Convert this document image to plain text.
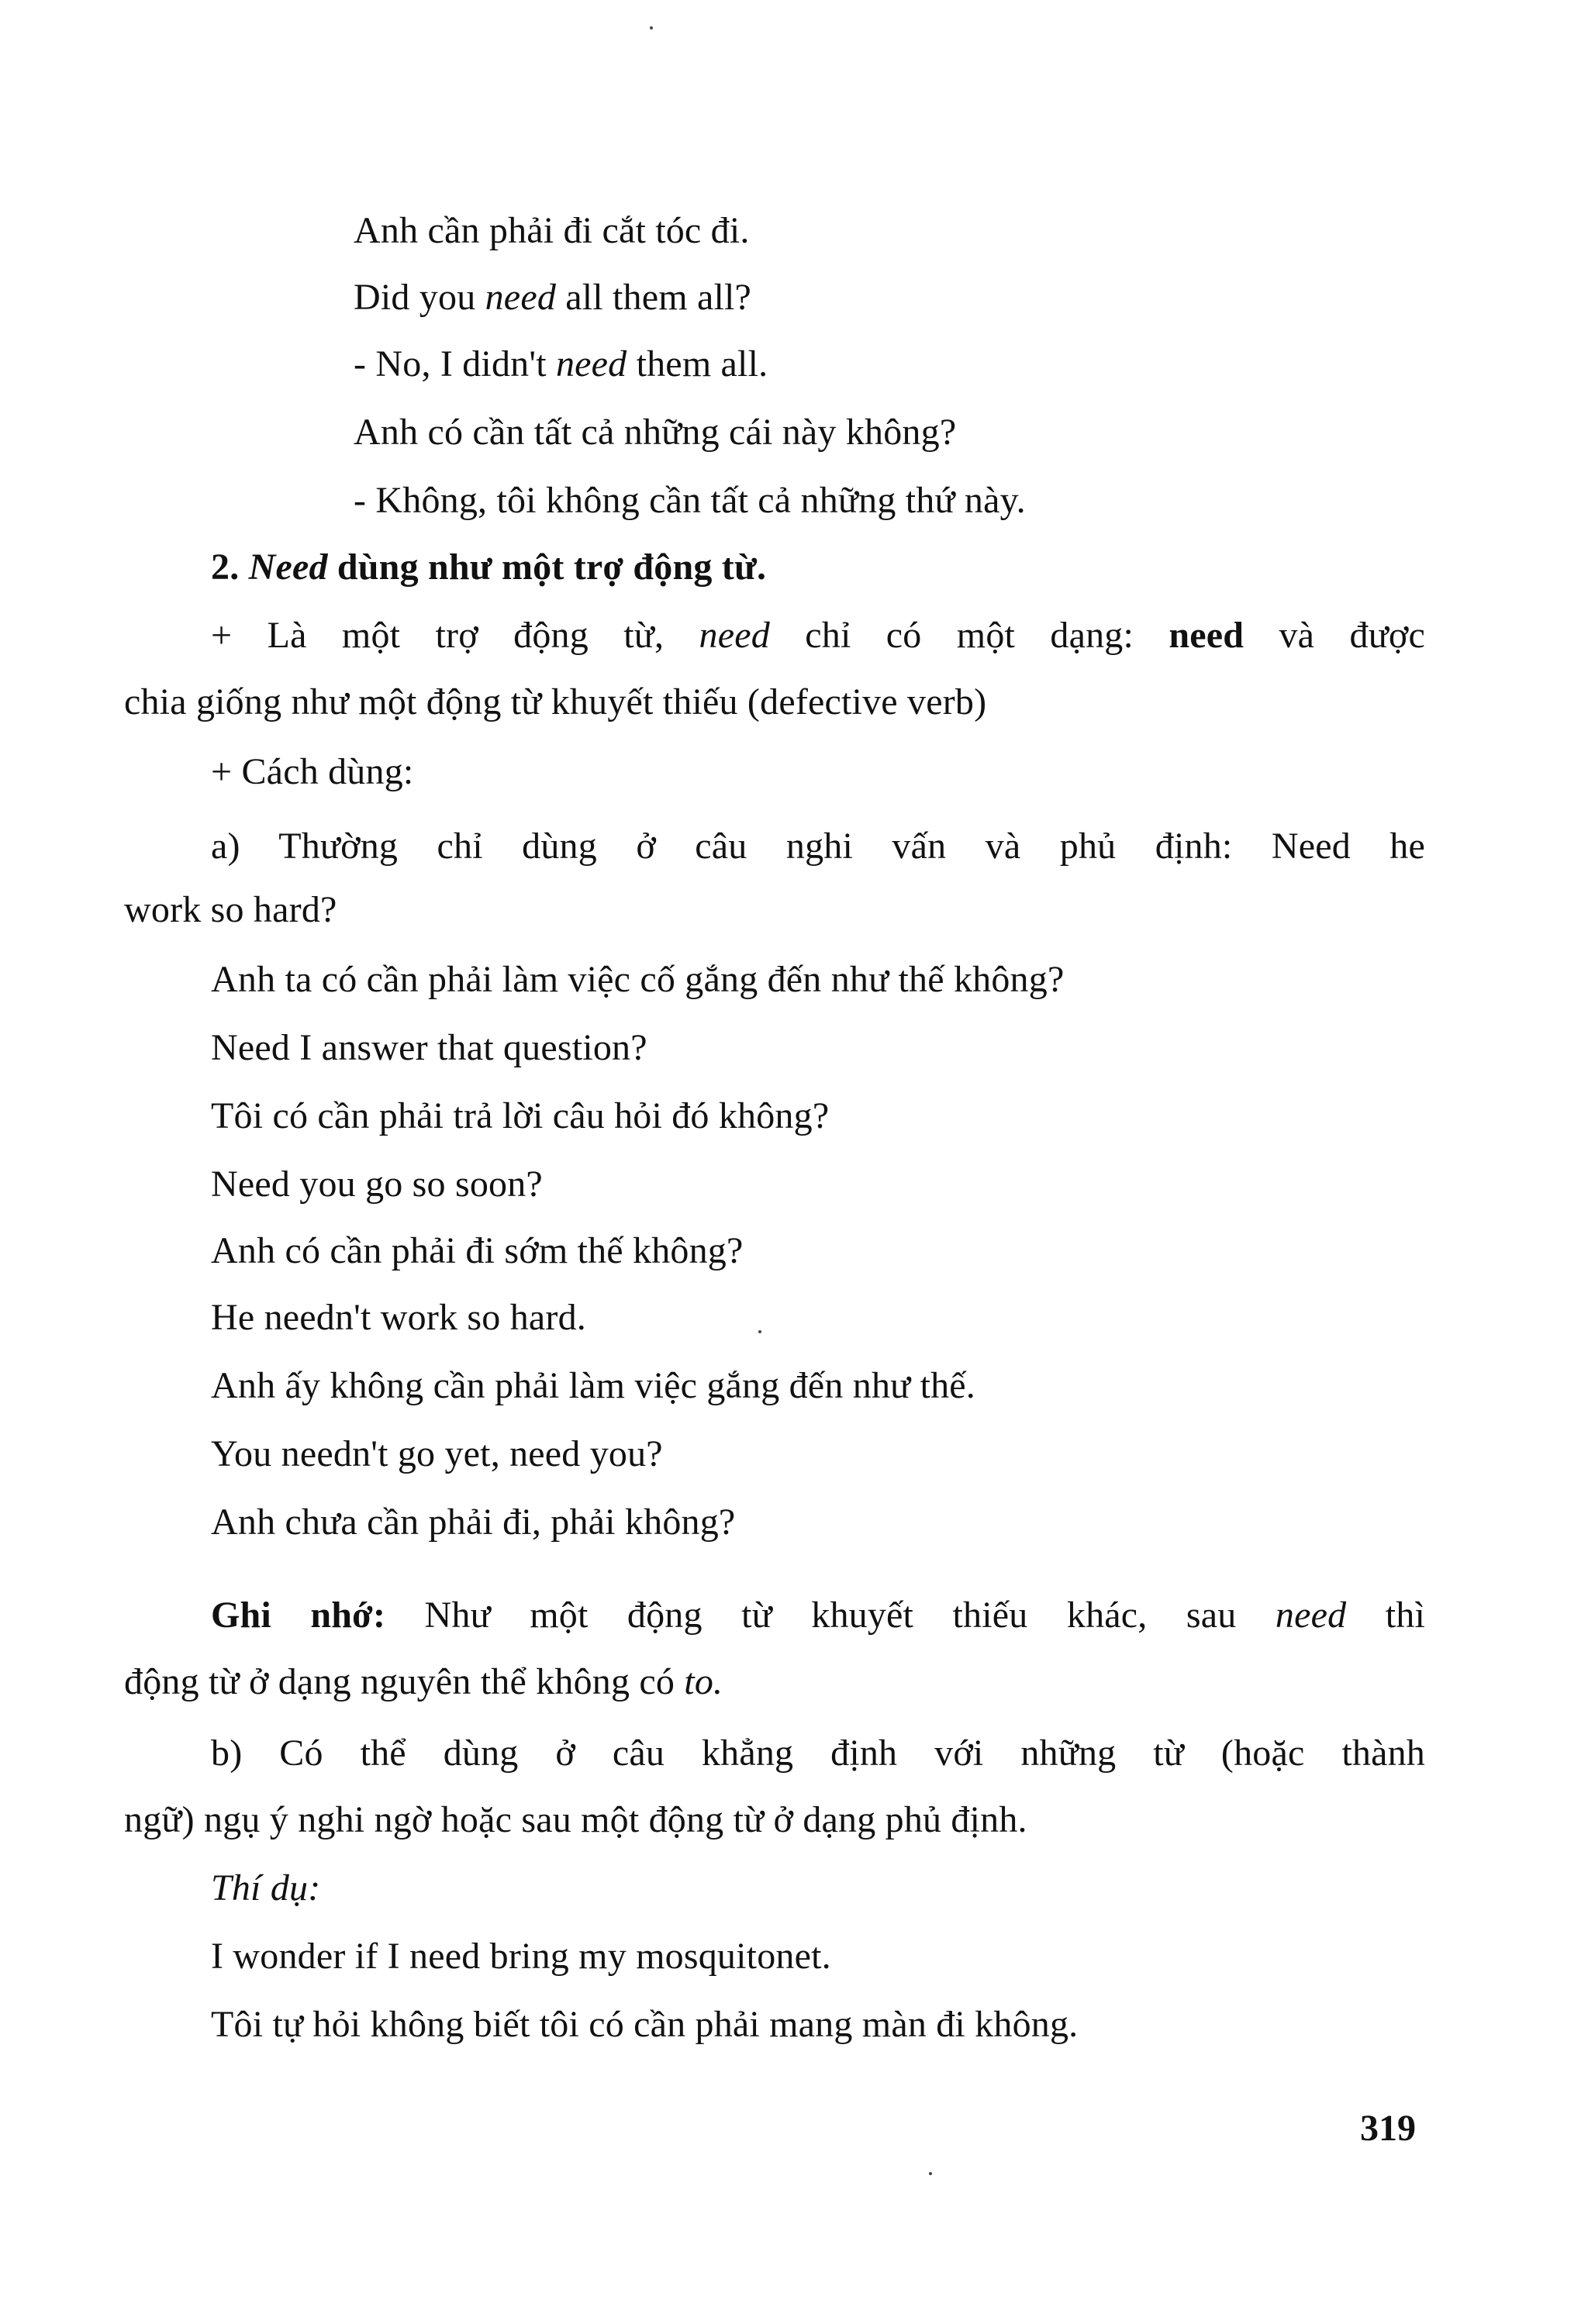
Anh cần phải đi cắt tóc đi.
Did you need all them all?
- No, I didn't need them all.
Anh có cần tất cả những cái này không?
- Không, tôi không cần tất cả những thứ này.
2. Need dùng như một trợ động từ.
+ Là một trợ động từ, need chỉ có một dạng: need và được
chia giống như một động từ khuyết thiếu (defective verb)
+ Cách dùng:
a) Thường chỉ dùng ở câu nghi vấn và phủ định: Need he
work so hard?
Anh ta có cần phải làm việc cố gắng đến như thế không?
Need I answer that question?
Tôi có cần phải trả lời câu hỏi đó không?
Need you go so soon?
Anh có cần phải đi sớm thế không?
He needn't work so hard.
Anh ấy không cần phải làm việc gắng đến như thế.
You needn't go yet, need you?
Anh chưa cần phải đi, phải không?
Ghi nhớ: Như một động từ khuyết thiếu khác, sau need thì
động từ ở dạng nguyên thể không có to.
b) Có thể dùng ở câu khẳng định với những từ (hoặc thành
ngữ) ngụ ý nghi ngờ hoặc sau một động từ ở dạng phủ định.
Thí dụ:
I wonder if I need bring my mosquitonet.
Tôi tự hỏi không biết tôi có cần phải mang màn đi không.
319
